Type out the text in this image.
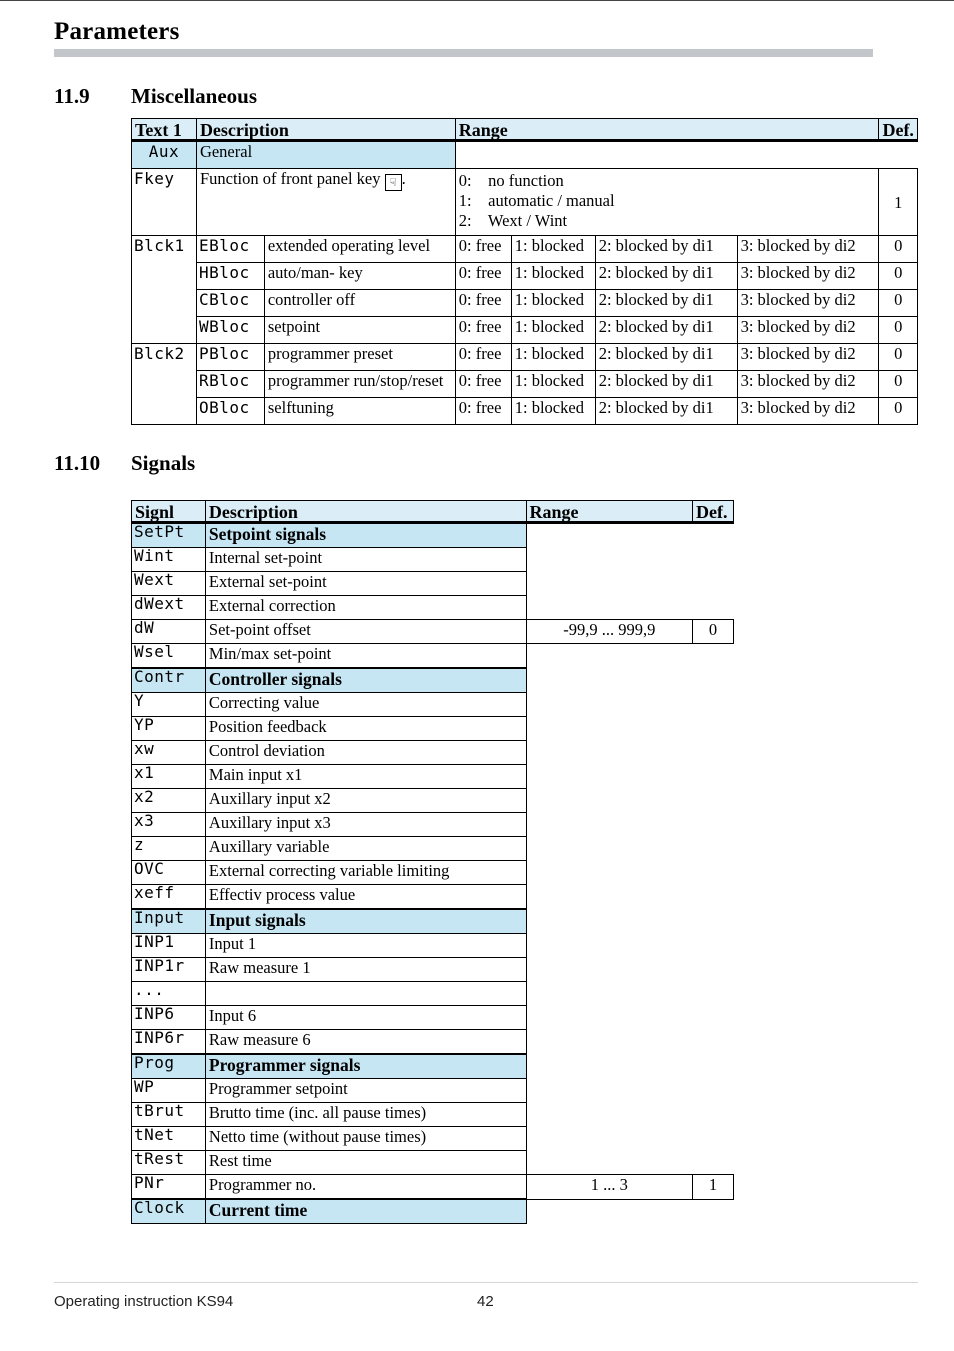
Parameters
11.9 Miscellaneous
Text 1	Description		Range				Def.
Aux	General						
Fkey	Function of front panel key ☟ .		0:    no function
1:    automatic / manual
2:    Wext / Wint				1
Blck1	EBloc	extended operating level	0: free	1: blocked	2: blocked by di1	3: blocked by di2	0
	HBloc	auto/man- key	0: free	1: blocked	2: blocked by di1	3: blocked by di2	0
	CBloc	controller off	0: free	1: blocked	2: blocked by di1	3: blocked by di2	0
	WBloc	setpoint	0: free	1: blocked	2: blocked by di1	3: blocked by di2	0
Blck2	PBloc	programmer preset	0: free	1: blocked	2: blocked by di1	3: blocked by di2	0
	RBloc	programmer run/stop/reset	0: free	1: blocked	2: blocked by di1	3: blocked by di2	0
	OBloc	selftuning	0: free	1: blocked	2: blocked by di1	3: blocked by di2	0
11.10 Signals
Signl	Description	Range	Def.
SetPt	Setpoint signals		
Wint	Internal set-point		
Wext	External set-point		
dWext	External correction		
dW	Set-point offset	-99,9 ... 999,9	0
Wsel	Min/max set-point		
Contr	Controller signals		
Y	Correcting value		
YP	Position feedback		
xw	Control deviation		
x1	Main input x1		
x2	Auxillary input x2		
x3	Auxillary input x3		
z	Auxillary variable		
OVC	External correcting variable limiting		
xeff	Effectiv process value		
Input	Input signals		
INP1	Input 1		
INP1r	Raw measure 1		
...			
INP6	Input 6		
INP6r	Raw measure 6		
Prog	Programmer signals		
WP	Programmer setpoint		
tBrut	Brutto time (inc. all pause times)		
tNet	Netto time (without pause times)		
tRest	Rest time		
PNr	Programmer no.	1 ... 3	1
Clock	Current time		
Operating instruction KS94	42
